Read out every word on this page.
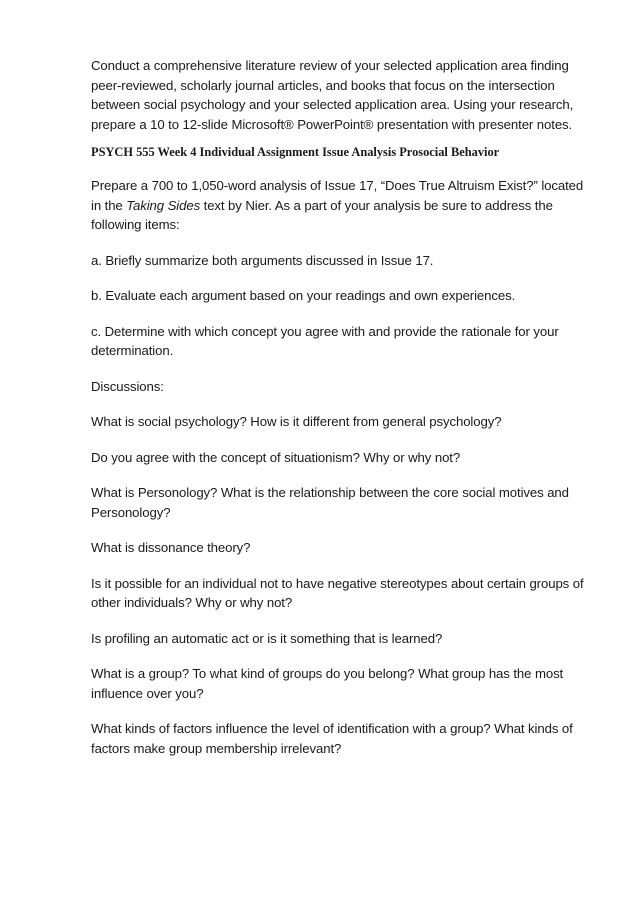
Conduct a comprehensive literature review of your selected application area finding peer-reviewed, scholarly journal articles, and books that focus on the intersection between social psychology and your selected application area. Using your research, prepare a 10 to 12-slide Microsoft® PowerPoint® presentation with presenter notes.

PSYCH 555 Week 4 Individual Assignment Issue Analysis Prosocial Behavior

Prepare a 700 to 1,050-word analysis of Issue 17, “Does True Altruism Exist?” located in the Taking Sides text by Nier. As a part of your analysis be sure to address the following items:

a. Briefly summarize both arguments discussed in Issue 17.

b. Evaluate each argument based on your readings and own experiences.

c. Determine with which concept you agree with and provide the rationale for your determination.

Discussions:

What is social psychology? How is it different from general psychology?

Do you agree with the concept of situationism? Why or why not?

What is Personology? What is the relationship between the core social motives and Personology?

What is dissonance theory?

Is it possible for an individual not to have negative stereotypes about certain groups of other individuals? Why or why not?

Is profiling an automatic act or is it something that is learned?

What is a group? To what kind of groups do you belong? What group has the most influence over you?

What kinds of factors influence the level of identification with a group? What kinds of factors make group membership irrelevant?
